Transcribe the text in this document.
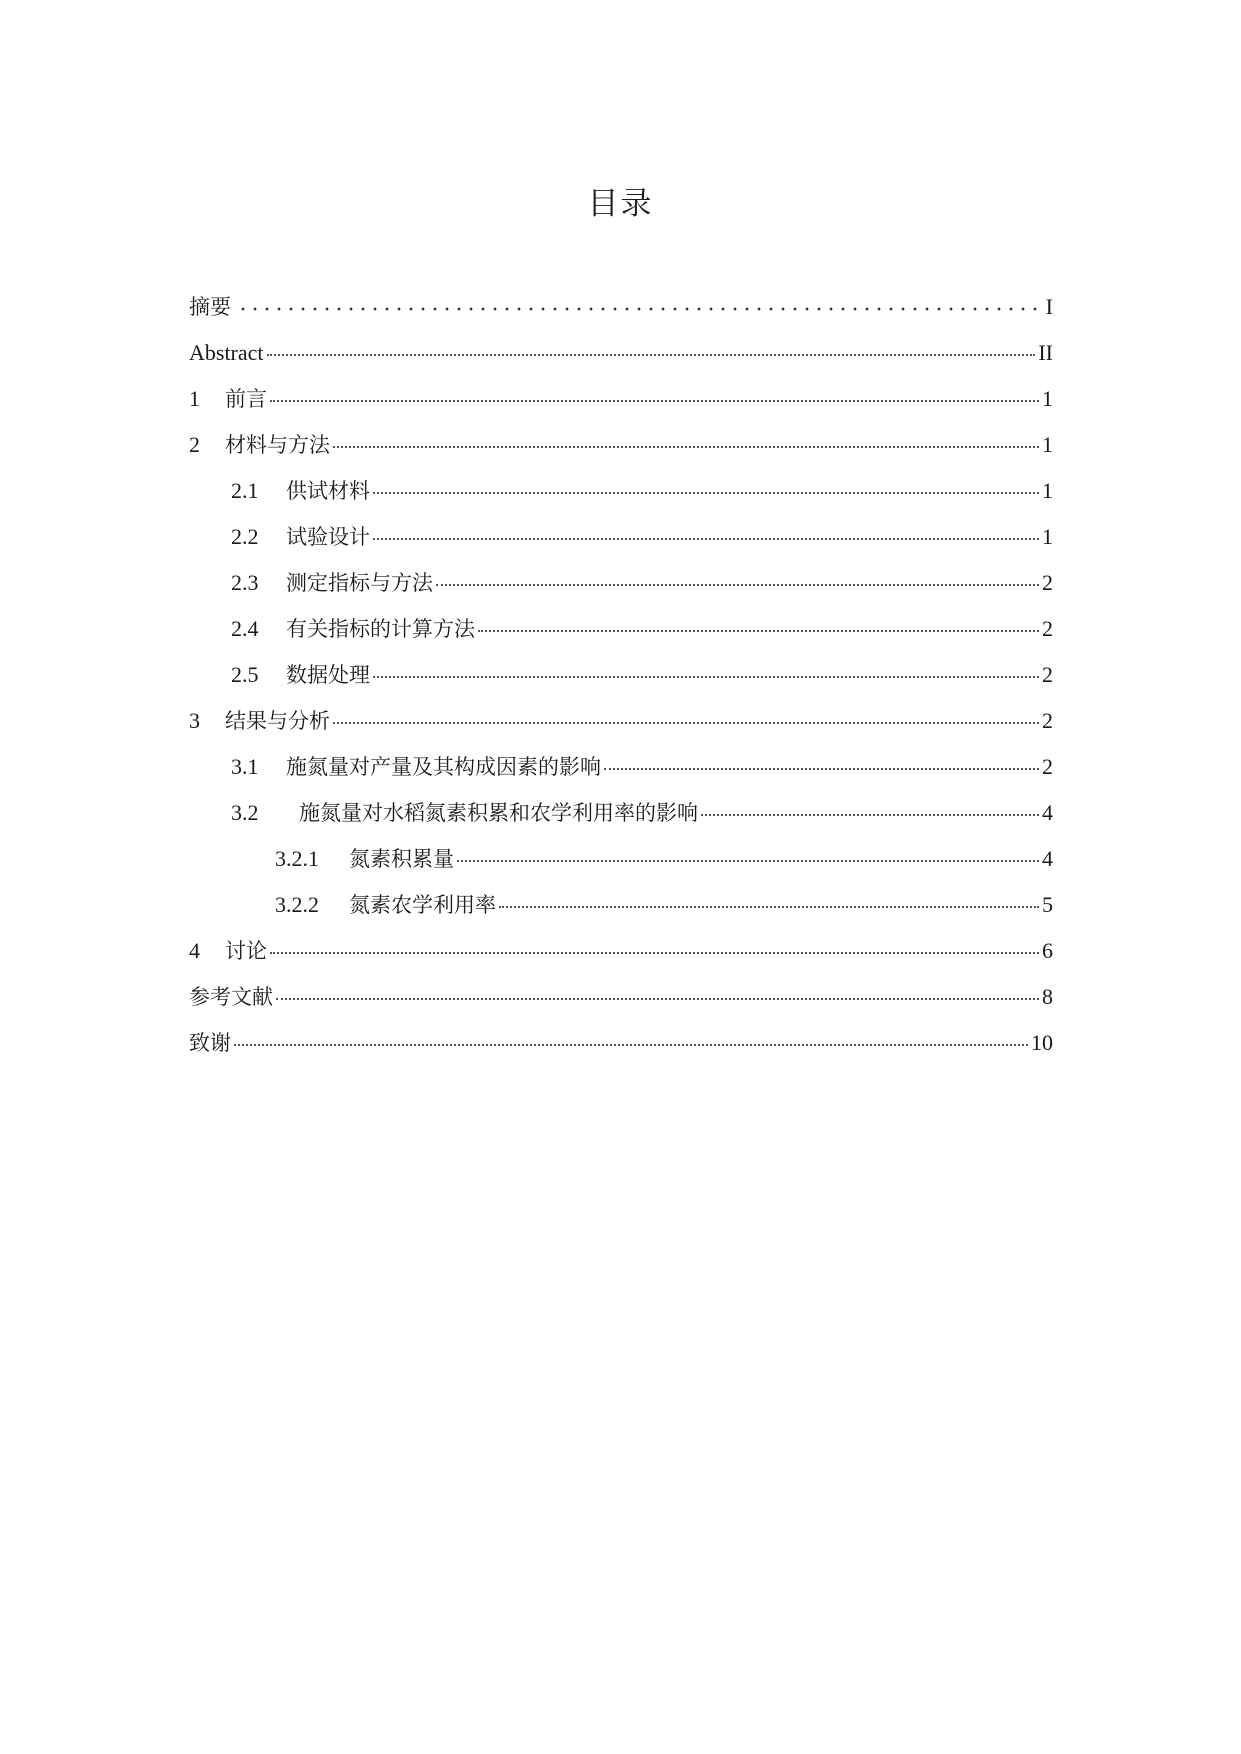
目录
摘要	I
Abstract	II
1	前言	1
2	材料与方法	1
2.1	供试材料	1
2.2	试验设计	1
2.3	测定指标与方法	2
2.4	有关指标的计算方法	2
2.5	数据处理	2
3	结果与分析	2
3.1	施氮量对产量及其构成因素的影响	2
3.2	施氮量对水稻氮素积累和农学利用率的影响	4
3.2.1	氮素积累量	4
3.2.2	氮素农学利用率	5
4	讨论	6
参考文献	8
致谢	10
